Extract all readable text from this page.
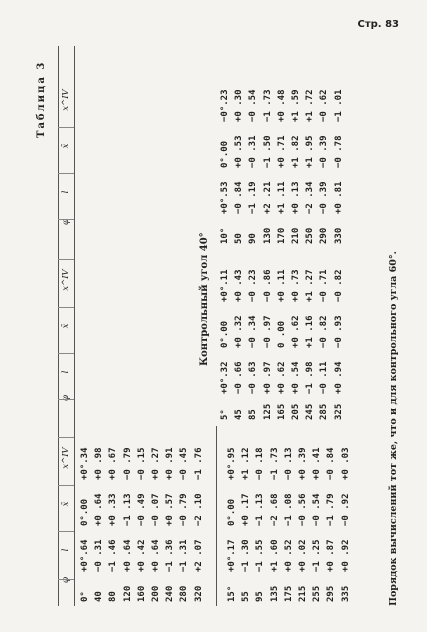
Стр. 83
Таблица 3
Контрольный угол 40°
φ
l
x̄
x^IV
φ
l
x̄
x^IV
φ
l
x̄
x^IV
0°
+0°.64
0°.00
+0°.34
40
−0 .31
+0 .64
+0 .98
80
−1 .46
+0 .33
+0 .67
120
+0 .64
−1 .13
−0 .79
160
+0 .42
−0 .49
−0 .15
200
+0 .64
−0 .07
+0 .27
240
−1 .36
+0 .57
+0 .91
280
−1 .31
−0 .79
−0 .45
320
+2 .07
−2 .10
−1 .76
15°
+0°.17
0°.00
+0°.95
55
−1 .30
+0 .17
+1 .12
95
−1 .55
−1 .13
−0 .18
135
+1 .60
−2 .68
−1 .73
175
+0 .52
−1 .08
−0 .13
215
+0 .02
−0 .56
+0 .39
255
−1 .25
−0 .54
+0 .41
295
+0 .87
−1 .79
−0 .84
335
+0 .92
−0 .92
+0 .03
5°
+0°.32
0°.00
+0°.11
45
−0 .66
+0 .32
+0 .43
85
−0 .63
−0 .34
−0 .23
125
+0 .97
−0 .97
−0 .86
165
+0 .62
0 .00
+0 .11
205
+0 .54
+0 .62
+0 .73
245
−1 .98
+1 .16
+1 .27
285
−0 .11
−0 .82
−0 .71
325
+0 .94
−0 .93
−0 .82
10°
+0°.53
0°.00
−0°.23
50
−0 .84
+0 .53
+0 .30
90
−1 .19
−0 .31
−0 .54
130
+2 .21
−1 .50
−1 .73
170
+1 .11
+0 .71
+0 .48
210
+0 .13
+1 .82
+1 .59
250
−2 .34
+1 .95
+1 .72
290
−0 .39
−0 .39
−0 .62
330
+0 .81
−0 .78
−1 .01
Порядок вычислений тот же, что и для контрольного угла 60°.
